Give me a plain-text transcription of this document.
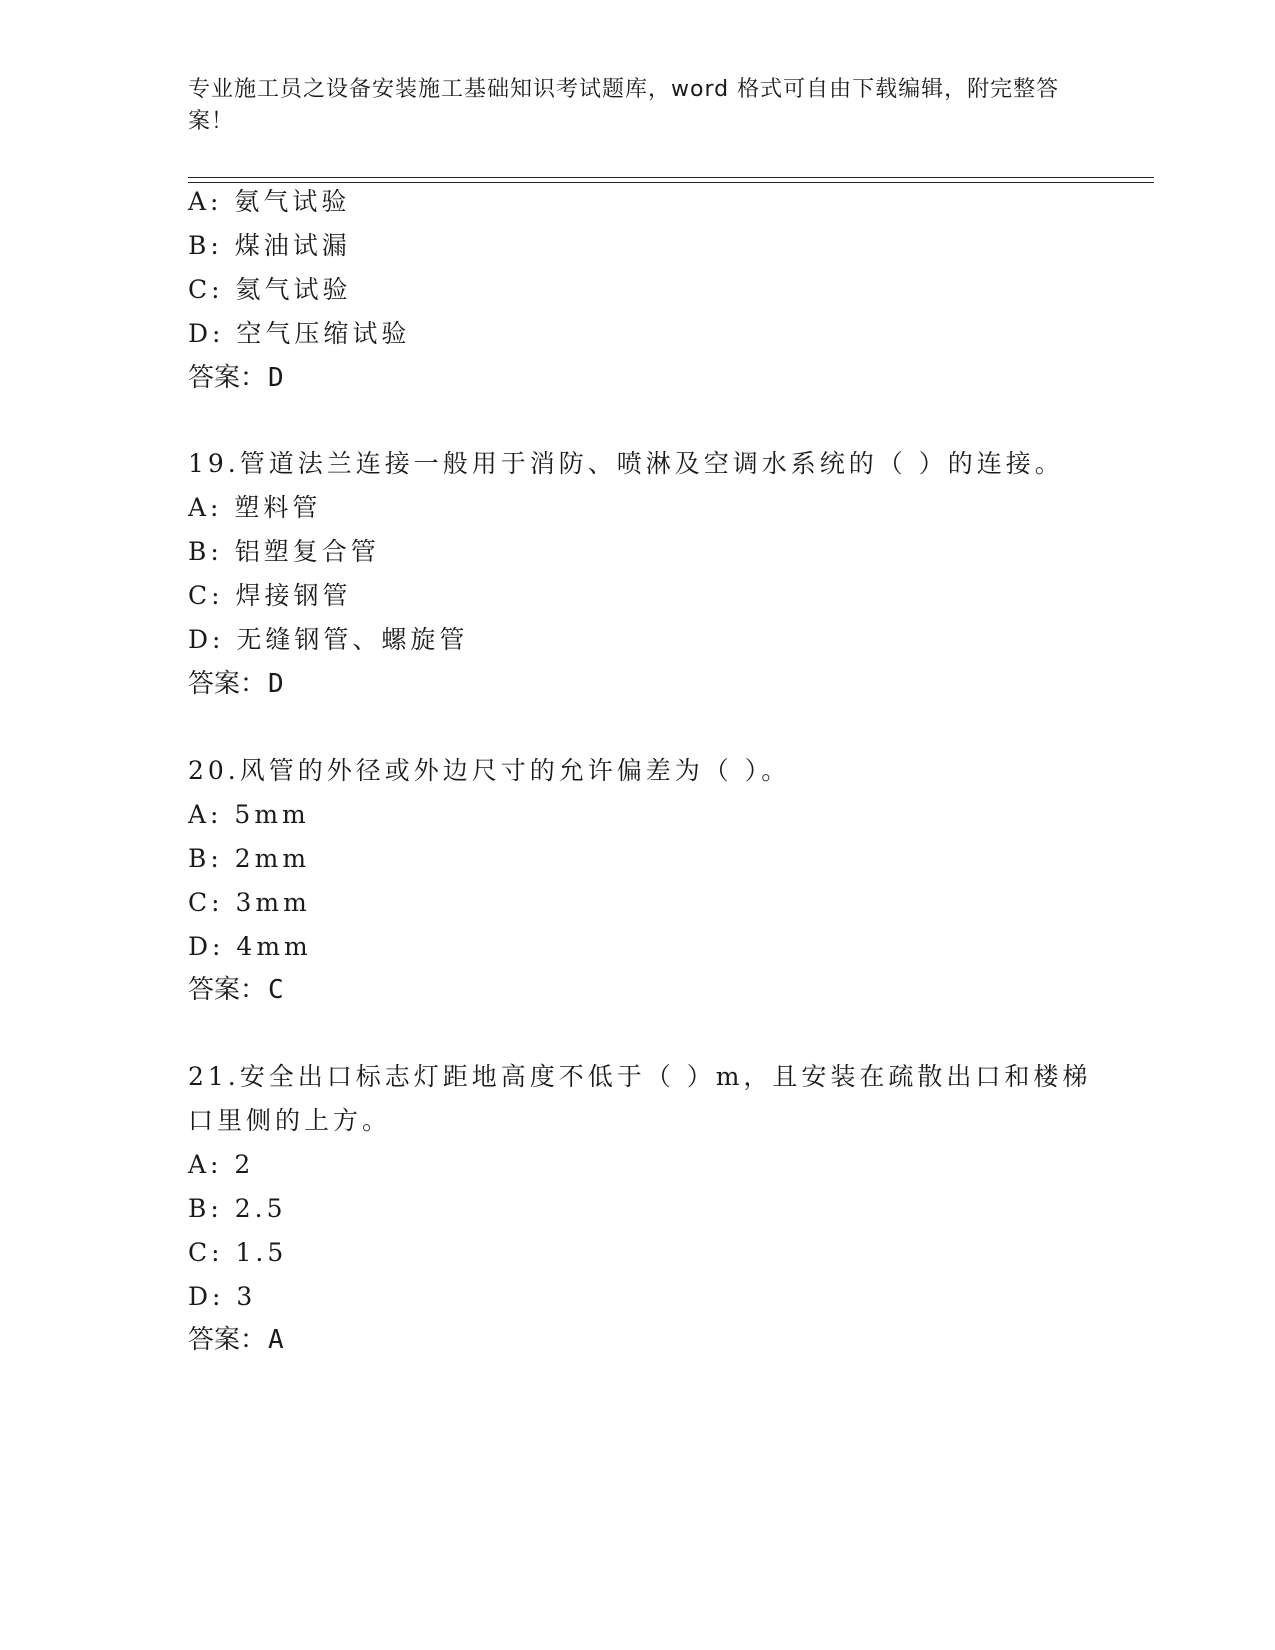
专业施工员之设备安装施工基础知识考试题库，word 格式可自由下载编辑，附完整答案！
A: 氨气试验
B: 煤油试漏
C: 氦气试验
D: 空气压缩试验
答案：D
19.管道法兰连接一般用于消防、喷淋及空调水系统的（ ）的连接。
A: 塑料管
B: 铝塑复合管
C: 焊接钢管
D: 无缝钢管、螺旋管
答案：D
20.风管的外径或外边尺寸的允许偏差为（ ）。
A: 5mm
B: 2mm
C: 3mm
D: 4mm
答案：C
21.安全出口标志灯距地高度不低于（ ）m，且安装在疏散出口和楼梯
口里侧的上方。
A: 2
B: 2.5
C: 1.5
D: 3
答案：A
